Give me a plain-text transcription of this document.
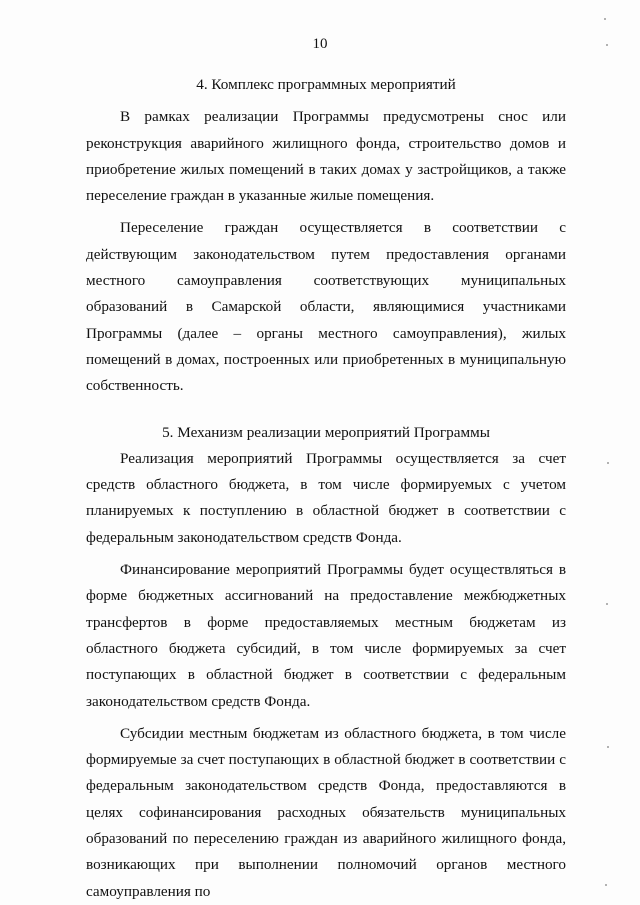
10
4. Комплекс программных мероприятий

В рамках реализации Программы предусмотрены снос или реконструкция аварийного жилищного фонда, строительство домов и приобретение жилых помещений в таких домах у застройщиков, а также переселение граждан в указанные жилые помещения.

Переселение граждан осуществляется в соответствии с действующим законодательством путем предоставления органами местного самоуправления соответствующих муниципальных образований в Самарской области, являющимися участниками Программы (далее – органы местного самоуправления), жилых помещений в домах, построенных или приобретенных в муниципальную собственность.

5. Механизм реализации мероприятий Программы

Реализация мероприятий Программы осуществляется за счет средств областного бюджета, в том числе формируемых с учетом планируемых к поступлению в областной бюджет в соответствии с федеральным законодательством средств Фонда.

Финансирование мероприятий Программы будет осуществляться в форме бюджетных ассигнований на предоставление межбюджетных трансфертов в форме предоставляемых местным бюджетам из областного бюджета субсидий, в том числе формируемых за счет поступающих в областной бюджет в соответствии с федеральным законодательством средств Фонда.

Субсидии местным бюджетам из областного бюджета, в том числе формируемые за счет поступающих в областной бюджет в соответствии с федеральным законодательством средств Фонда, предоставляются в целях софинансирования расходных обязательств муниципальных образований по переселению граждан из аварийного жилищного фонда, возникающих при выполнении полномочий органов местного самоуправления по
